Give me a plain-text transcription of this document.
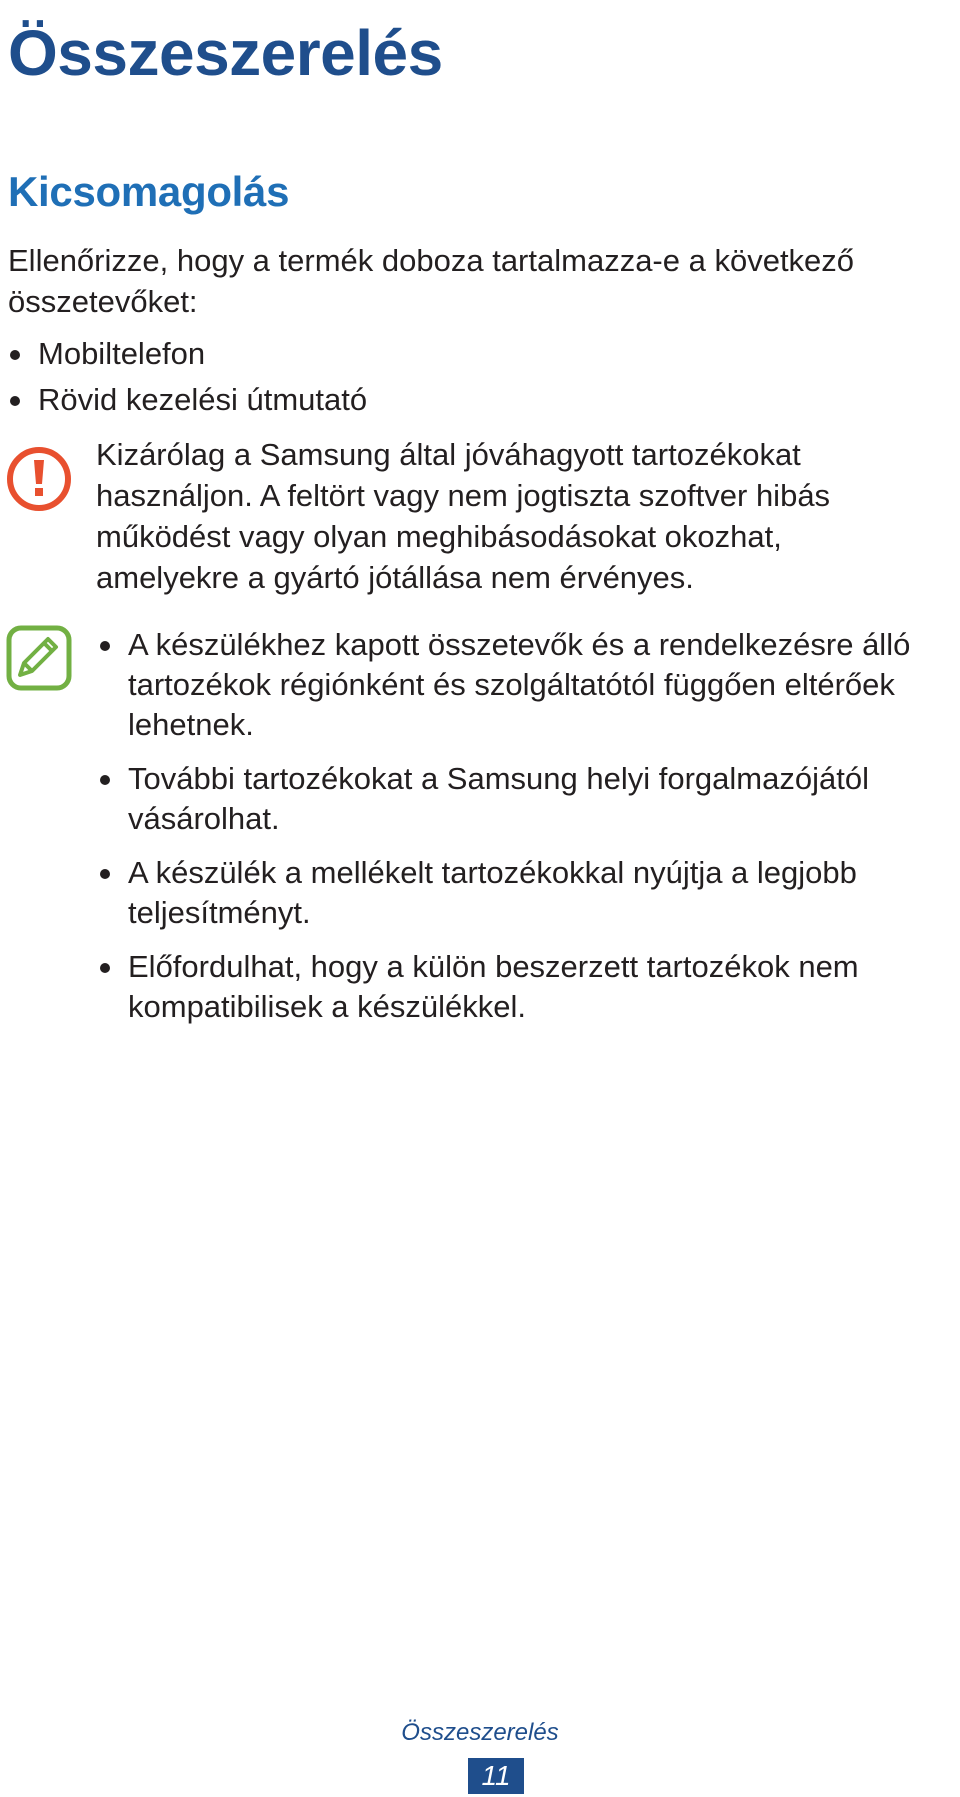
Összeszerelés
Kicsomagolás

Ellenőrizze, hogy a termék doboza tartalmazza-e a következő összetevőket:

Mobiltelefon
Rövid kezelési útmutató

Kizárólag a Samsung által jóváhagyott tartozékokat használjon. A feltört vagy nem jogtiszta szoftver hibás működést vagy olyan meghibásodásokat okozhat, amelyekre a gyártó jótállása nem érvényes.

A készülékhez kapott összetevők és a rendelkezésre álló tartozékok régiónként és szolgáltatótól függően eltérőek lehetnek.
További tartozékokat a Samsung helyi forgalmazójától vásárolhat.
A készülék a mellékelt tartozékokkal nyújtja a legjobb teljesítményt.
Előfordulhat, hogy a külön beszerzett tartozékok nem kompatibilisek a készülékkel.
Összeszerelés
11
